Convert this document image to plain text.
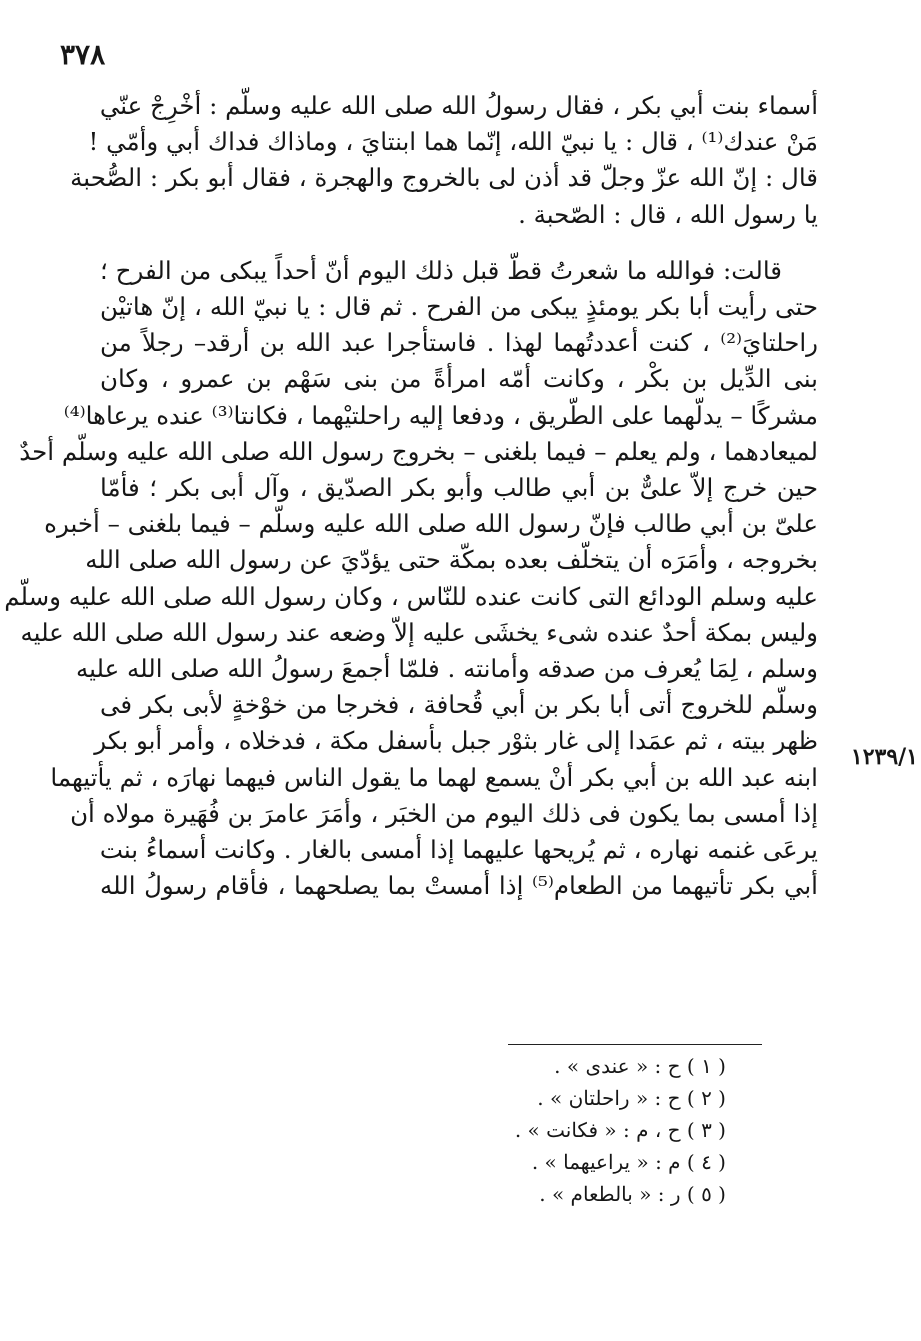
٣٧٨

أسماء بنت أبي بكر ، فقال رسولُ الله صلى الله عليه وسلّم : أخْرِجْ عنّي
مَنْ عندك⁽¹⁾ ، قال : يا نبيّ الله، إنّما هما ابنتايَ ، وماذاك فداك أبي وأمّي !
قال : إنّ الله عزّ وجلّ قد أذن لى بالخروج والهجرة ، فقال أبو بكر : الصُّحبة
يا رسول الله ، قال : الصّحبة .

قالت: فوالله ما شعرتُ قطّ قبل ذلك اليوم أنّ أحداً يبكى من الفرح ؛
حتى رأيت أبا بكر يومئذٍ يبكى من الفرح . ثم قال : يا نبيّ الله ، إنّ هاتيْن
راحلتايَ⁽²⁾ ، كنت أعددتُهما لهذا . فاستأجرا عبد الله بن أرقد– رجلاً من
بنى الدِّيل بن بكْر ، وكانت أمّه امرأةً من بنى سَهْم بن عمرو ، وكان
مشركًا – يدلّهما على الطّريق ، ودفعا إليه راحلتيْهما ، فكانتا⁽³⁾ عنده يرعاها⁽⁴⁾
لميعادهما ، ولم يعلم – فيما بلغنى – بخروج رسول الله صلى الله عليه وسلّم أحدٌ
حين خرج إلاّ علىٌّ بن أبي طالب وأبو بكر الصدّيق ، وآل أبى بكر ؛ فأمّا
علىّ بن أبي طالب فإنّ رسول الله صلى الله عليه وسلّم – فيما بلغنى – أخبره
بخروجه ، وأمَرَه أن يتخلّف بعده بمكّة حتى يؤدّيَ عن رسول الله صلى الله
عليه وسلم الودائع التى كانت عنده للنّاس ، وكان رسول الله صلى الله عليه وسلّم
وليس بمكة أحدٌ عنده شىء يخشَى عليه إلاّ وضعه عند رسول الله صلى الله عليه
وسلم ، لِمَا يُعرف من صدقه وأمانته . فلمّا أجمعَ رسولُ الله صلى الله عليه
وسلّم للخروج أتى أبا بكر بن أبي قُحافة ، فخرجا من خوْخةٍ لأبى بكر فى
ظهر بيته ، ثم عمَدا إلى غار بثوْر جبل بأسفل مكة ، فدخلاه ، وأمر أبو بكر
ابنه عبد الله بن أبي بكر أنْ يسمع لهما ما يقول الناس فيهما نهارَه ، ثم يأتيهما
إذا أمسى بما يكون فى ذلك اليوم من الخبَر ، وأمَرَ عامرَ بن فُهَيرة مولاه أن
يرعَى غنمه نهاره ، ثم يُريحها عليهما إذا أمسى بالغار . وكانت أسماءُ بنت
أبي بكر تأتيهما من الطعام⁽⁵⁾ إذا أمستْ بما يصلحهما ، فأقام رسولُ الله

١٢٣٩/١
( ١ ) ح : « عندى » .
( ٢ ) ح : « راحلتان » .
( ٣ ) ح ، م : « فكانت » .
( ٤ ) م : « يراعيهما » .
( ٥ ) ر : « بالطعام » .
